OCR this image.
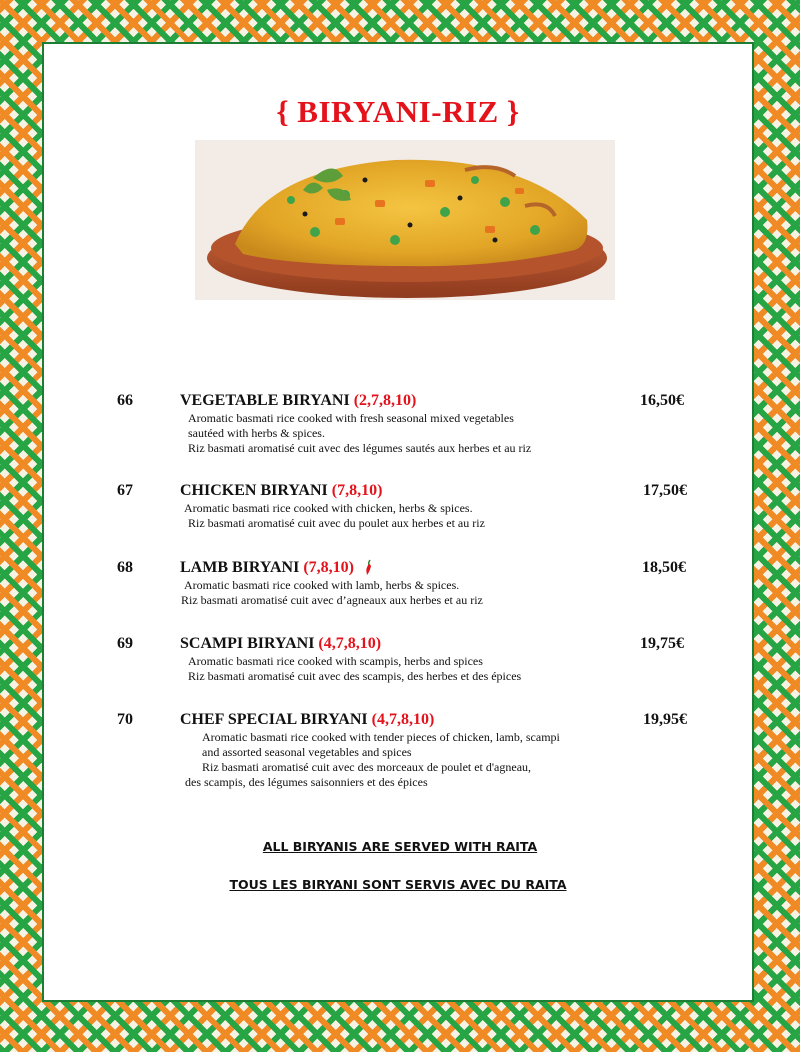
{ BIRYANI-RIZ }
66	VEGETABLE BIRYANI (2,7,8,10)	16,50€
Aromatic basmati rice cooked with fresh seasonal mixed vegetables
sautéed with herbs & spices.
Riz basmati aromatisé cuit avec des légumes sautés aux herbes et au riz
67	CHICKEN BIRYANI (7,8,10)	17,50€
Aromatic basmati rice cooked with chicken, herbs & spices.
Riz basmati aromatisé cuit avec du poulet aux herbes et au riz
68	LAMB BIRYANI (7,8,10)	18,50€
Aromatic basmati rice cooked with lamb, herbs & spices.
Riz basmati aromatisé cuit avec d’agneaux aux herbes et au riz
69	SCAMPI BIRYANI (4,7,8,10)	19,75€
Aromatic basmati rice cooked with scampis, herbs and spices
Riz basmati aromatisé cuit avec des scampis, des herbes et des épices
70	CHEF SPECIAL BIRYANI (4,7,8,10)	19,95€
Aromatic basmati rice cooked with tender pieces of chicken, lamb, scampi
and assorted seasonal vegetables and spices
Riz basmati aromatisé cuit avec des morceaux de poulet et d'agneau,
des scampis, des légumes saisonniers et des épices
ALL BIRYANIS ARE SERVED WITH RAITA
TOUS LES BIRYANI SONT SERVIS AVEC DU RAITA
